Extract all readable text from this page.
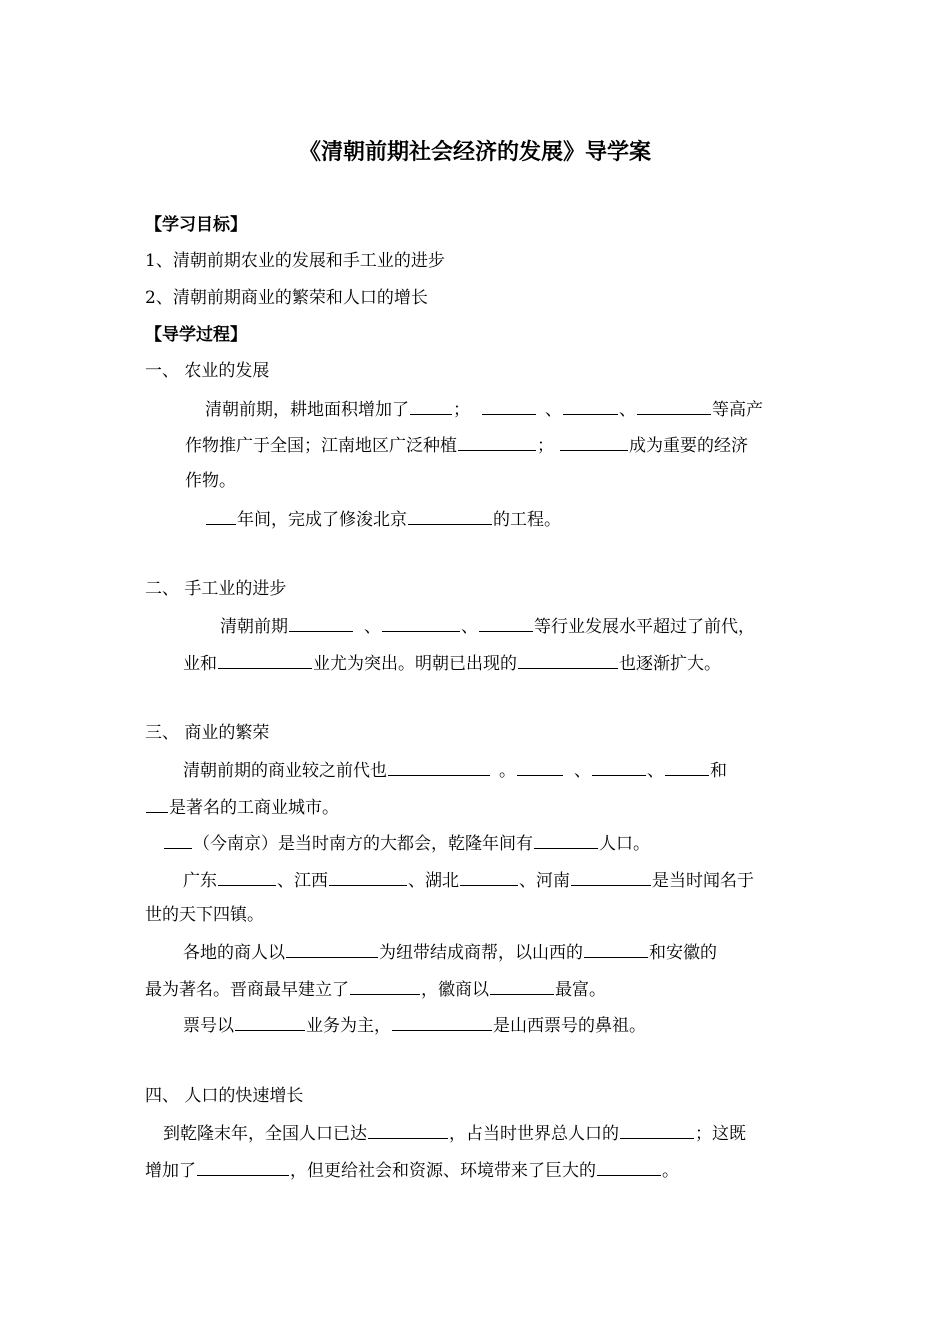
《清朝前期社会经济的发展》导学案
【学习目标】
1、清朝前期农业的发展和手工业的进步
2、清朝前期商业的繁荣和人口的增长
【导学过程】
一、 农业的发展
清朝前期，耕地面积增加了	；	、	、	等高产
作物推广于全国；江南地区广泛种植	；	成为重要的经济
作物。
年间，完成了修浚北京	的工程。
二、 手工业的进步
清朝前期	、	、	等行业发展水平超过了前代，
业和	业尤为突出。明朝已出现的	也逐渐扩大。
三、 商业的繁荣
清朝前期的商业较之前代也	。	、	、	和
是著名的工商业城市。
（今南京）是当时南方的大都会，乾隆年间有	人口。
广东	、江西	、湖北	、河南	是当时闻名于
世的天下四镇。
各地的商人以	为纽带结成商帮，以山西的	和安徽的
最为著名。晋商最早建立了	，徽商以	最富。
票号以	业务为主，	是山西票号的鼻祖。
四、 人口的快速增长
到乾隆末年，全国人口已达	，占当时世界总人口的	；这既
增加了	，但更给社会和资源、环境带来了巨大的	。
